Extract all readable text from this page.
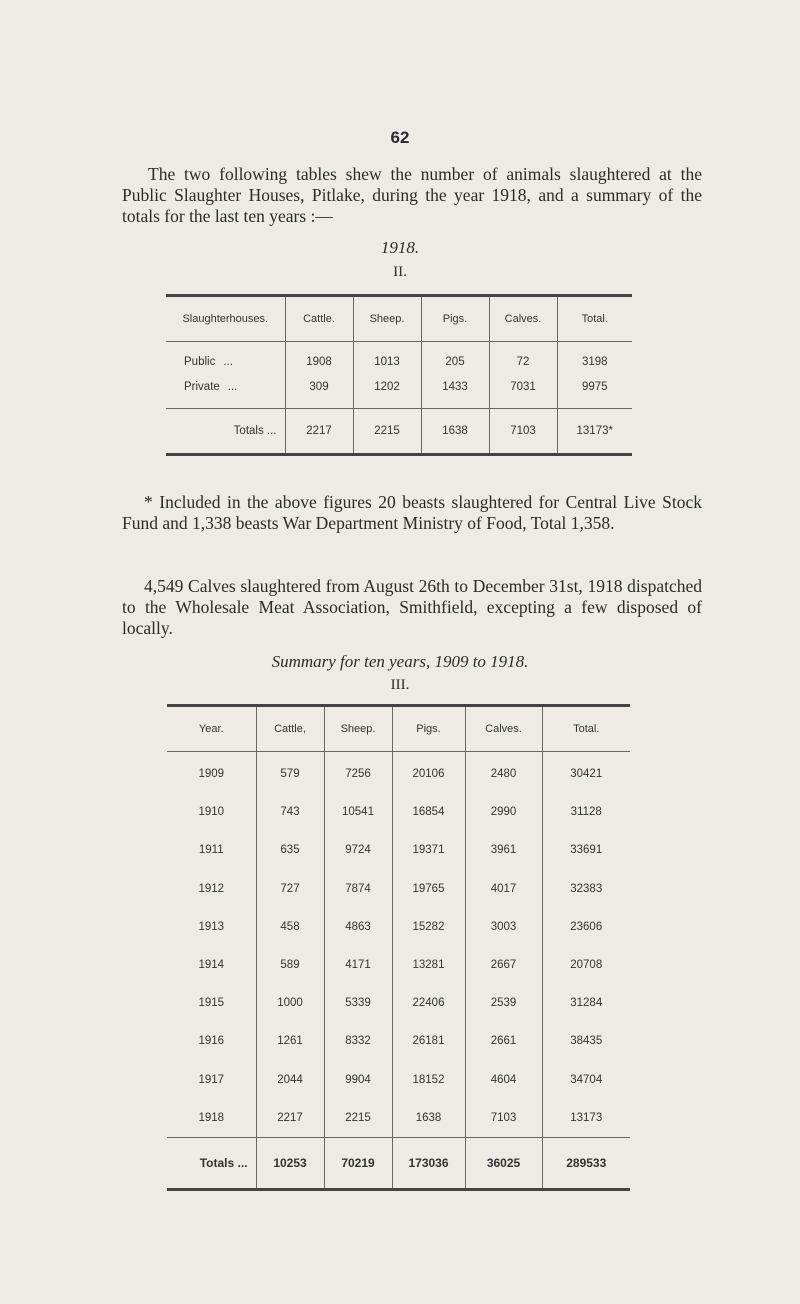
62

The two following tables shew the number of animals slaughtered at the Public Slaughter Houses, Pitlake, during the year 1918, and a summary of the totals for the last ten years :—

1918.
II.
Slaughterhouses.	Cattle.	Sheep.	Pigs.	Calves.	Total.
Public ...	1908	1013	205	72	3198
Private ...	309	1202	1433	7031	9975
Totals ...	2217	2215	1638	7103	13173*

* Included in the above figures 20 beasts slaughtered for Central Live Stock Fund and 1,338 beasts War Department Ministry of Food, Total 1,358.

4,549 Calves slaughtered from August 26th to December 31st, 1918 dispatched to the Wholesale Meat Association, Smithfield, excepting a few disposed of locally.

Summary for ten years, 1909 to 1918.
III.
Year.	Cattle,	Sheep.	Pigs.	Calves.	Total.
1909	579	7256	20106	2480	30421
1910	743	10541	16854	2990	31128
1911	635	9724	19371	3961	33691
1912	727	7874	19765	4017	32383
1913	458	4863	15282	3003	23606
1914	589	4171	13281	2667	20708
1915	1000	5339	22406	2539	31284
1916	1261	8332	26181	2661	38435
1917	2044	9904	18152	4604	34704
1918	2217	2215	1638	7103	13173
Totals ...	10253	70219	173036	36025	289533
